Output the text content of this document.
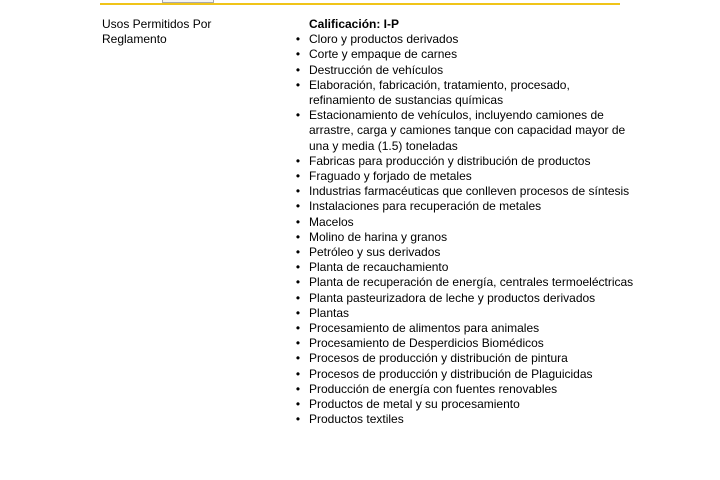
Usos Permitidos Por Reglamento
Calificación: I-P
• Cloro y productos derivados
• Corte y empaque de carnes
• Destrucción de vehículos
• Elaboración, fabricación, tratamiento, procesado, refinamiento de sustancias químicas
• Estacionamiento de vehículos, incluyendo camiones de arrastre, carga y camiones tanque con capacidad mayor de una y media (1.5) toneladas
• Fabricas para producción y distribución de productos
• Fraguado y forjado de metales
• Industrias farmacéuticas que conlleven procesos de síntesis
• Instalaciones para recuperación de metales
• Macelos
• Molino de harina y granos
• Petróleo y sus derivados
• Planta de recauchamiento
• Planta de recuperación de energía, centrales termoeléctricas
• Planta pasteurizadora de leche y productos derivados
• Plantas
• Procesamiento de alimentos para animales
• Procesamiento de Desperdicios Biomédicos
• Procesos de producción y distribución de pintura
• Procesos de producción y distribución de Plaguicidas
• Producción de energía con fuentes renovables
• Productos de metal y su procesamiento
• Productos textiles
